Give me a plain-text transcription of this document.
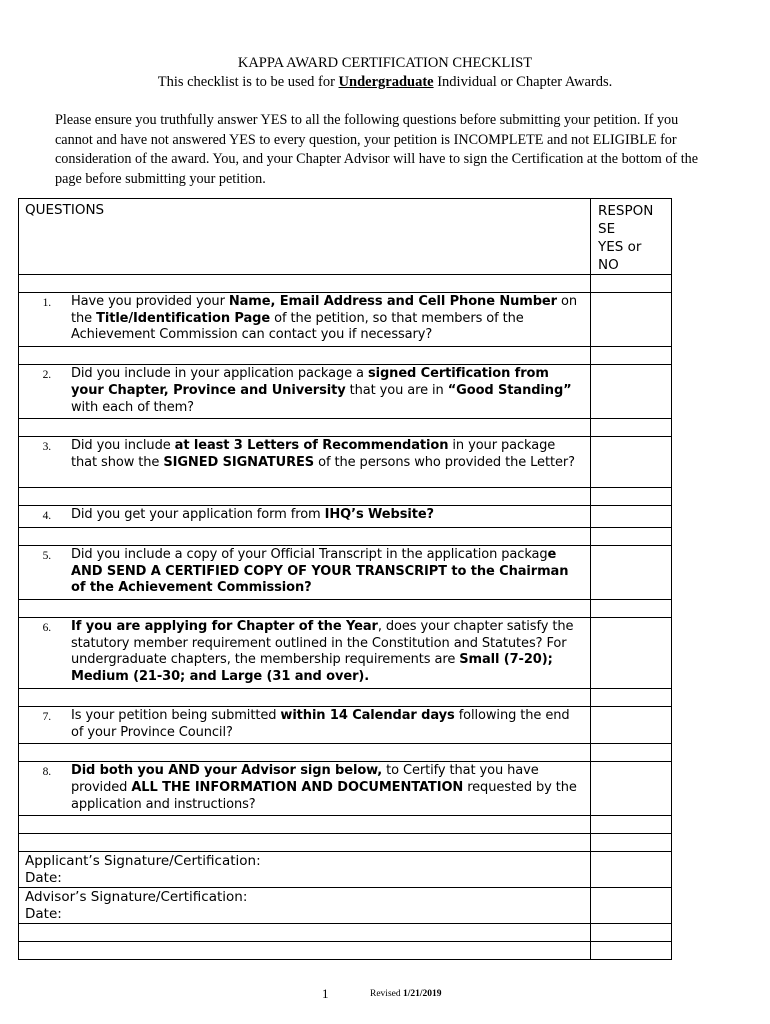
KAPPA AWARD CERTIFICATION CHECKLIST
This checklist is to be used for Undergraduate Individual or Chapter Awards.
Please ensure you truthfully answer YES to all the following questions before submitting your petition. If you cannot and have not answered YES to every question, your petition is INCOMPLETE and not ELIGIBLE for consideration of the award. You, and your Chapter Advisor will have to sign the Certification at the bottom of the page before submitting your petition.
QUESTIONS	RESPON
SE
YES or
NO

1. Have you provided your Name, Email Address and Cell Phone Number on the Title/Identification Page of the petition, so that members of the Achievement Commission can contact you if necessary?	

2. Did you include in your application package a signed Certification from your Chapter, Province and University that you are in “Good Standing” with each of them?	

3. Did you include at least 3 Letters of Recommendation in your package that show the SIGNED SIGNATURES of the persons who provided the Letter?	

4. Did you get your application form from IHQ’s Website?	

5. Did you include a copy of your Official Transcript in the application package AND SEND A CERTIFIED COPY OF YOUR TRANSCRIPT to the Chairman of the Achievement Commission?	

6. If you are applying for Chapter of the Year, does your chapter satisfy the statutory member requirement outlined in the Constitution and Statutes? For undergraduate chapters, the membership requirements are Small (7-20); Medium (21-30; and Large (31 and over).	

7. Is your petition being submitted within 14 Calendar days following the end of your Province Council?	

8. Did both you AND your Advisor sign below, to Certify that you have provided ALL THE INFORMATION AND DOCUMENTATION requested by the application and instructions?	

Applicant’s Signature/Certification:
Date:	

Advisor’s Signature/Certification:
Date:	

1	Revised 1/21/2019
